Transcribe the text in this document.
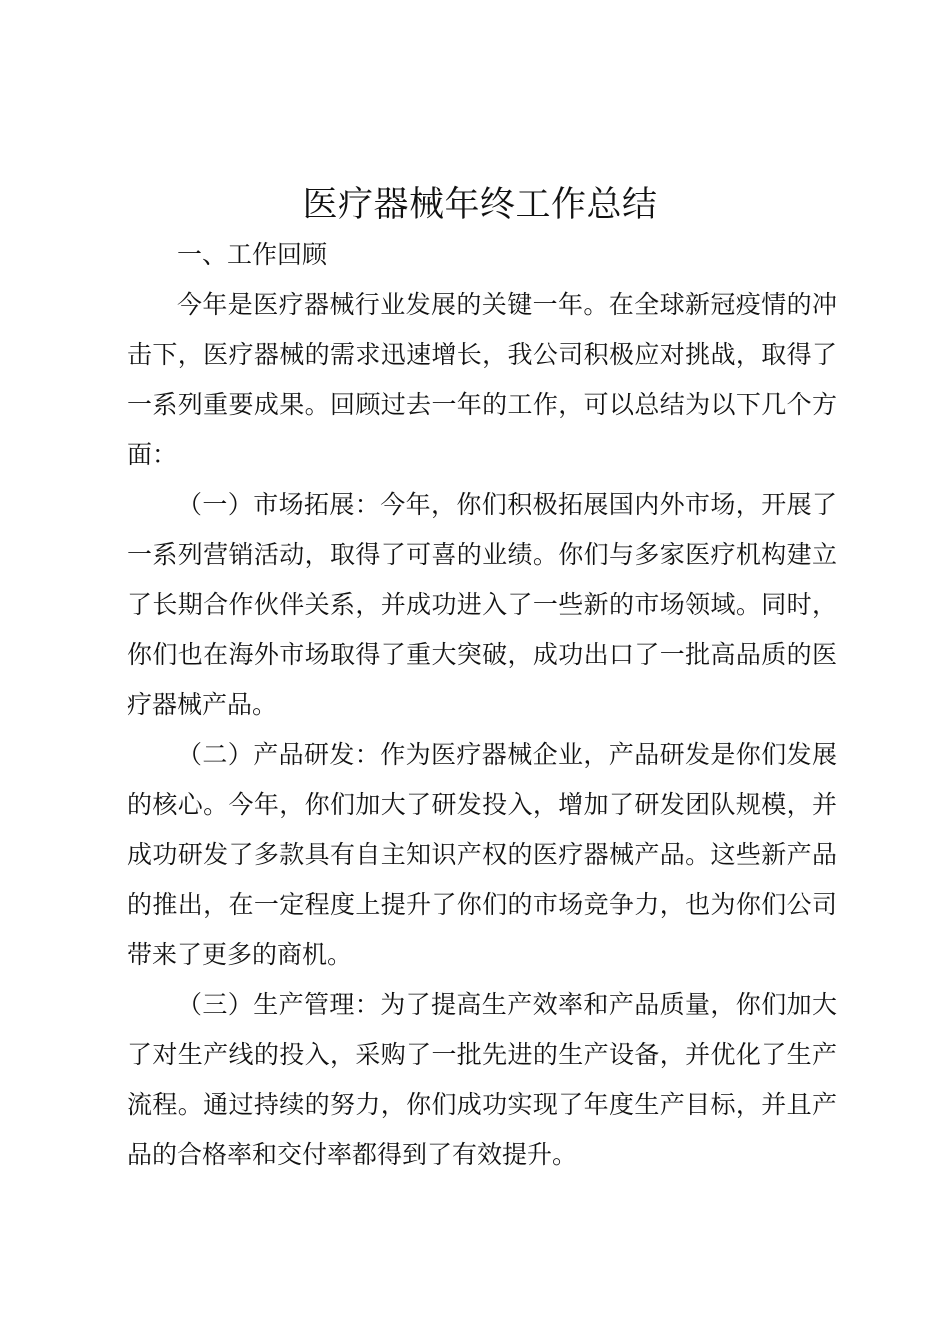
医疗器械年终工作总结

一、工作回顾

今年是医疗器械行业发展的关键一年。在全球新冠疫情的冲击下，医疗器械的需求迅速增长，我公司积极应对挑战，取得了一系列重要成果。回顾过去一年的工作，可以总结为以下几个方面：

（一）市场拓展：今年，你们积极拓展国内外市场，开展了一系列营销活动，取得了可喜的业绩。你们与多家医疗机构建立了长期合作伙伴关系，并成功进入了一些新的市场领域。同时，你们也在海外市场取得了重大突破，成功出口了一批高品质的医疗器械产品。

（二）产品研发：作为医疗器械企业，产品研发是你们发展的核心。今年，你们加大了研发投入，增加了研发团队规模，并成功研发了多款具有自主知识产权的医疗器械产品。这些新产品的推出，在一定程度上提升了你们的市场竞争力，也为你们公司带来了更多的商机。

（三）生产管理：为了提高生产效率和产品质量，你们加大了对生产线的投入，采购了一批先进的生产设备，并优化了生产流程。通过持续的努力，你们成功实现了年度生产目标，并且产品的合格率和交付率都得到了有效提升。
